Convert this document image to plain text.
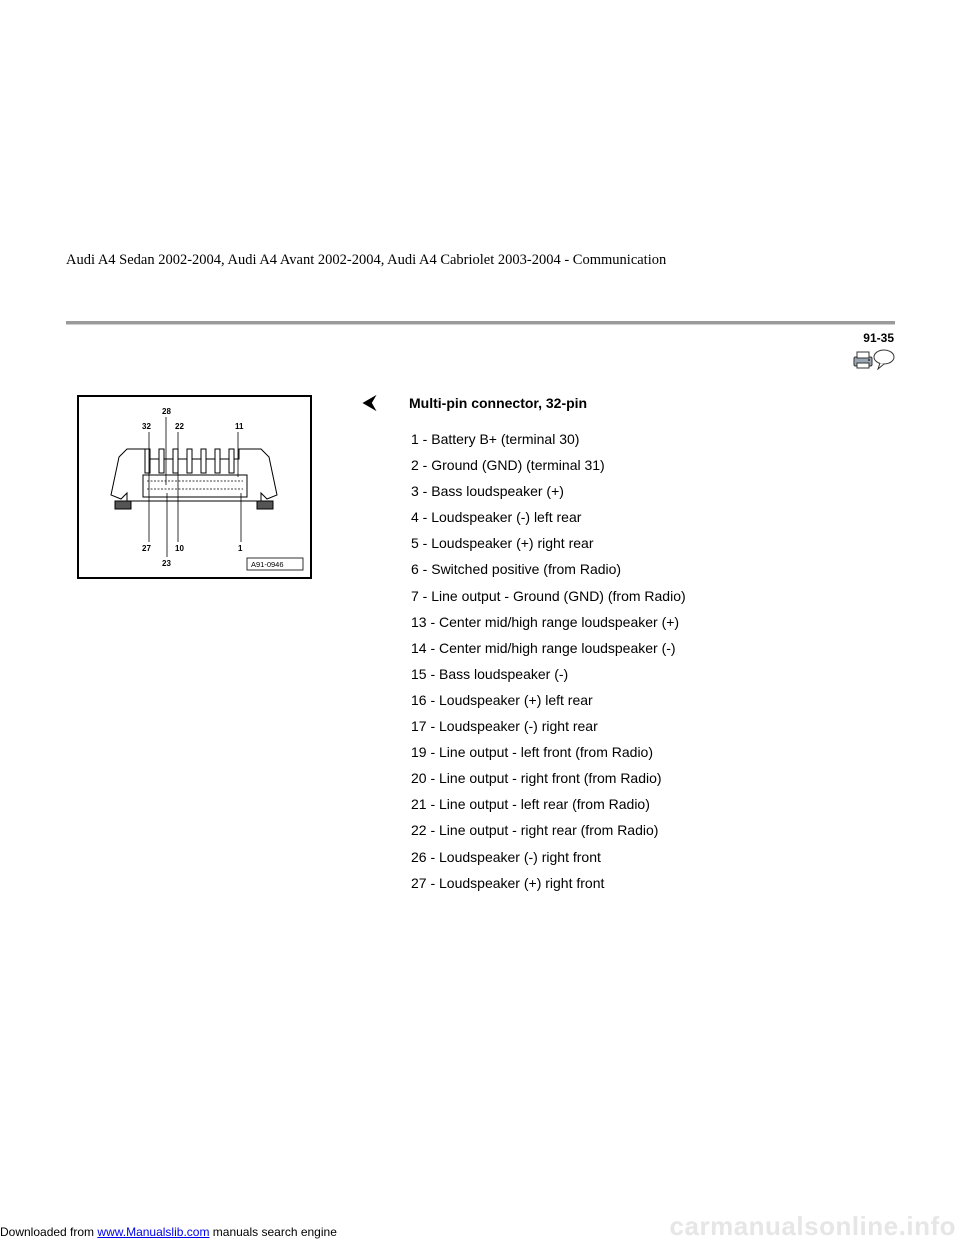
Audi A4 Sedan 2002-2004, Audi A4 Avant 2002-2004, Audi A4 Cabriolet 2003-2004 - Communication
91-35
28
32	22	11
27	10	1
23	A91-0946
⮜ Multi-pin connector, 32-pin
1 - Battery B+ (terminal 30)
2 - Ground (GND) (terminal 31)
3 - Bass loudspeaker (+)
4 - Loudspeaker (-) left rear
5 - Loudspeaker (+) right rear
6 - Switched positive (from Radio)
7 - Line output - Ground (GND) (from Radio)
13 - Center mid/high range loudspeaker (+)
14 - Center mid/high range loudspeaker (-)
15 - Bass loudspeaker (-)
16 - Loudspeaker (+) left rear
17 - Loudspeaker (-) right rear
19 - Line output - left front (from Radio)
20 - Line output - right front (from Radio)
21 - Line output - left rear (from Radio)
22 - Line output - right rear (from Radio)
26 - Loudspeaker (-) right front
27 - Loudspeaker (+) right front
Downloaded from www.Manualslib.com manuals search engine	carmanualsonline.info
